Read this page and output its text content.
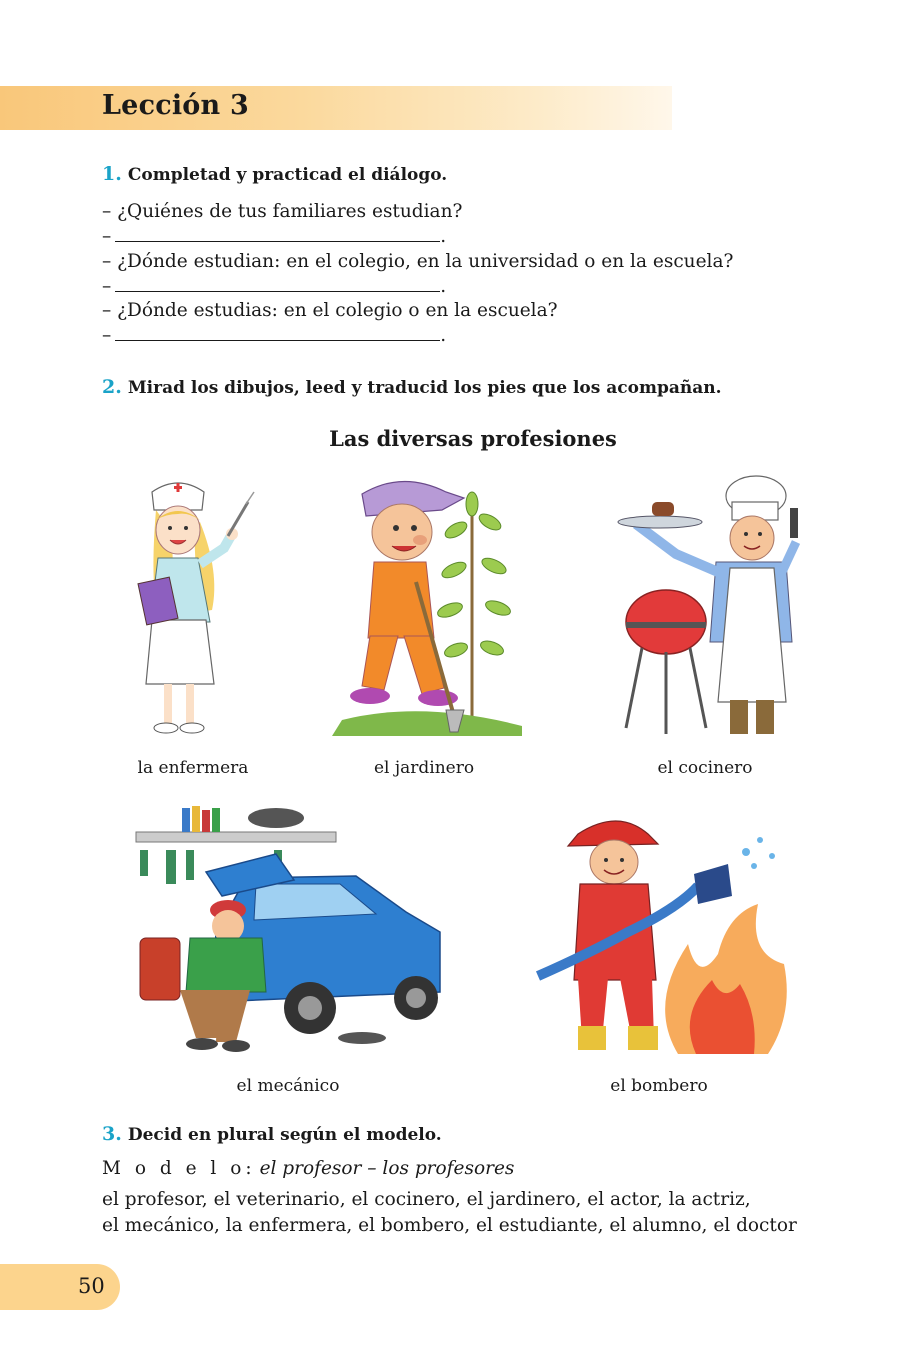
Lección 3
1. Completad y practicad el diálogo.
– ¿Quiénes de tus familiares estudian?
–	.
– ¿Dónde estudian: en el colegio, en la universidad o en la escuela?
–	.
– ¿Dónde estudias: en el colegio o en la escuela?
–	.
2. Mirad los dibujos, leed y traducid los pies que los acompañan.
Las diversas profesiones
la enfermera	el jardinero	el cocinero
el mecánico	el bombero
3. Decid en plural según el modelo.
M o d e l o: el profesor – los profesores
el profesor, el veterinario, el cocinero, el jardinero, el actor, la actriz,
el mecánico, la enfermera, el bombero, el estudiante, el alumno, el doctor
50
